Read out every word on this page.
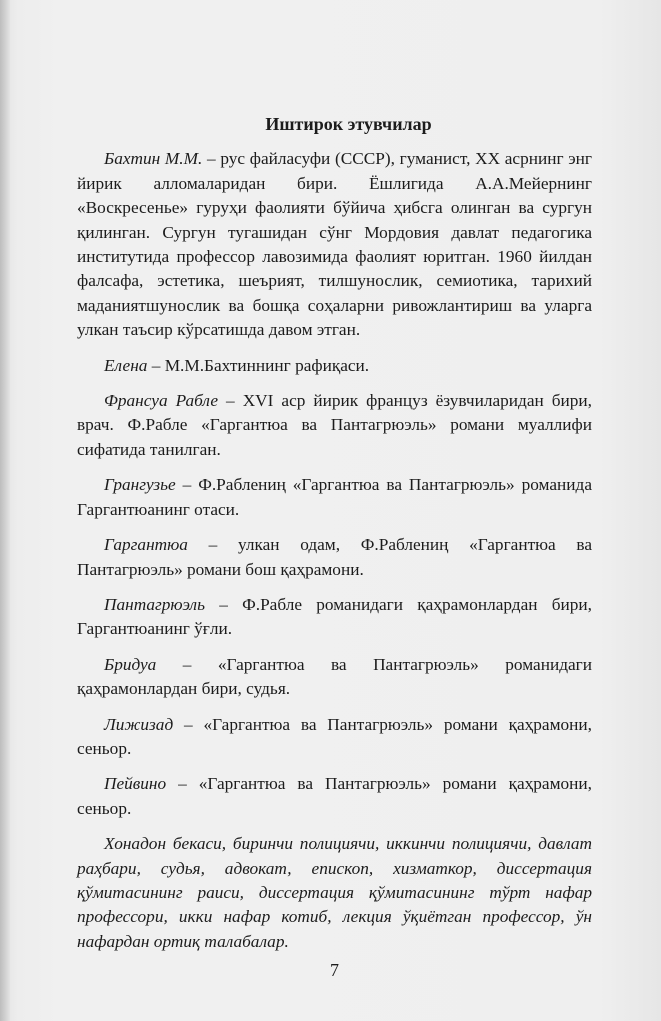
Иштирок этувчилар

Бахтин М.М. – рус файласуфи (СССР), гуманист, XX асрнинг энг йирик алломаларидан бири. Ёшлигида А.А.Мейернинг «Воскресенье» гуруҳи фаолияти бўйича ҳибсга олинган ва сургун қилинган. Сургун тугашидан сўнг Мордовия давлат педагогика институтида профессор лавозимида фаолият юритган. 1960 йилдан фалсафа, эстетика, шеърият, тилшунослик, семиотика, тарихий маданиятшунослик ва бошқа соҳаларни ривожлантириш ва уларга улкан таъсир кўрсатишда давом этган.

Елена – М.М.Бахтиннинг рафиқаси.

Франсуа Рабле – XVI аср йирик француз ёзувчиларидан бири, врач. Ф.Рабле «Гаргантюа ва Пантагрюэль» романи муаллифи сифатида танилган.

Грангузье – Ф.Раблениң «Гаргантюа ва Пантагрюэль» романида Гаргантюанинг отаси.

Гаргантюа – улкан одам, Ф.Раблениң «Гаргантюа ва Пантагрюэль» романи бош қаҳрамони.

Пантагрюэль – Ф.Рабле романидаги қаҳрамонлардан бири, Гаргантюанинг ўғли.

Бридуа – «Гаргантюа ва Пантагрюэль» романидаги қаҳрамонлардан бири, судья.

Лижизад – «Гаргантюа ва Пантагрюэль» романи қаҳрамони, сеньор.

Пейвино – «Гаргантюа ва Пантагрюэль» романи қаҳрамони, сеньор.

Хонадон бекаси, биринчи полициячи, иккинчи полициячи, давлат раҳбари, судья, адвокат, епископ, хизматкор, диссертация қўмитасининг раиси, диссертация қўмитасининг тўрт нафар профессори, икки нафар котиб, лекция ўқиётган профессор, ўн нафардан ортиқ талабалар.

7
